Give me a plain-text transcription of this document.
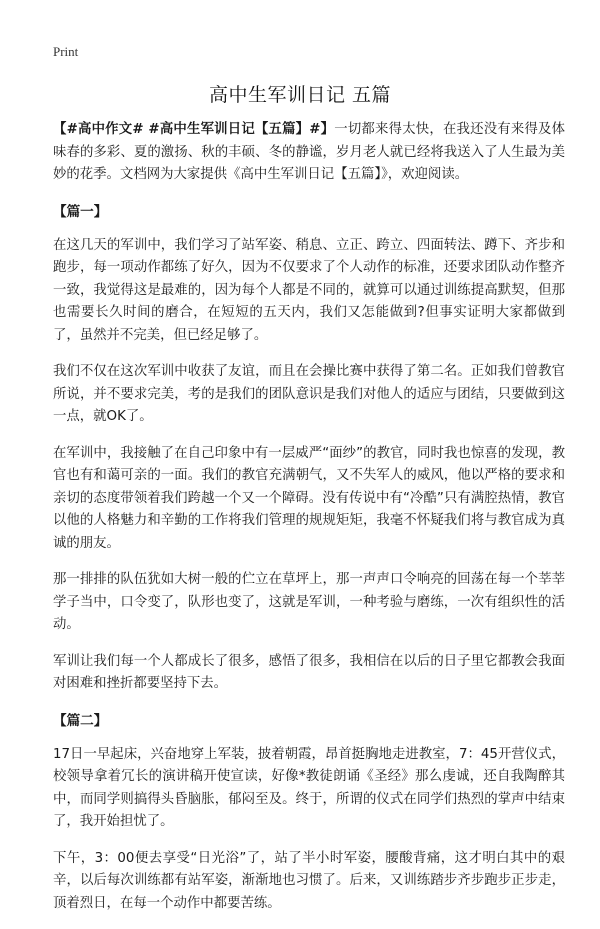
Print
高中生军训日记 五篇

【#高中作文# #高中生军训日记【五篇】#】一切都来得太快，在我还没有来得及体味春的多彩、夏的激扬、秋的丰硕、冬的静谧，岁月老人就已经将我送入了人生最为美妙的花季。文档网为大家提供《高中生军训日记【五篇】》，欢迎阅读。

【篇一】

在这几天的军训中，我们学习了站军姿、稍息、立正、跨立、四面转法、蹲下、齐步和跑步，每一项动作都练了好久，因为不仅要求了个人动作的标准，还要求团队动作整齐一致，我觉得这是最难的，因为每个人都是不同的，就算可以通过训练提高默契，但那也需要长久时间的磨合，在短短的五天内，我们又怎能做到?但事实证明大家都做到了，虽然并不完美，但已经足够了。

我们不仅在这次军训中收获了友谊，而且在会操比赛中获得了第二名。正如我们曾教官所说，并不要求完美，考的是我们的团队意识是我们对他人的适应与团结，只要做到这一点，就OK了。

在军训中，我接触了在自己印象中有一层威严“面纱”的教官，同时我也惊喜的发现，教官也有和蔼可亲的一面。我们的教官充满朝气，又不失军人的威风，他以严格的要求和亲切的态度带领着我们跨越一个又一个障碍。没有传说中有“冷酷”只有满腔热情，教官以他的人格魅力和辛勤的工作将我们管理的规规矩矩，我毫不怀疑我们将与教官成为真诚的朋友。

那一排排的队伍犹如大树一般的伫立在草坪上，那一声声口令响亮的回荡在每一个莘莘学子当中，口令变了，队形也变了，这就是军训，一种考验与磨练，一次有组织性的活动。

军训让我们每一个人都成长了很多，感悟了很多，我相信在以后的日子里它都教会我面对困难和挫折都要坚持下去。

【篇二】

17日一早起床，兴奋地穿上军装，披着朝霞，昂首挺胸地走进教室，7：45开营仪式，校领导拿着冗长的演讲稿开使宣读，好像*教徒朗诵《圣经》那么虔诚，还自我陶醉其中，而同学则搞得头昏脑胀，郁闷至及。终于，所谓的仪式在同学们热烈的掌声中结束了，我开始担忧了。

下午，3：00便去享受“日光浴”了，站了半小时军姿，腰酸背痛，这才明白其中的艰辛，以后每次训练都有站军姿，渐渐地也习惯了。后来，又训练踏步齐步跑步正步走，顶着烈日，在每一个动作中都要苦练。
